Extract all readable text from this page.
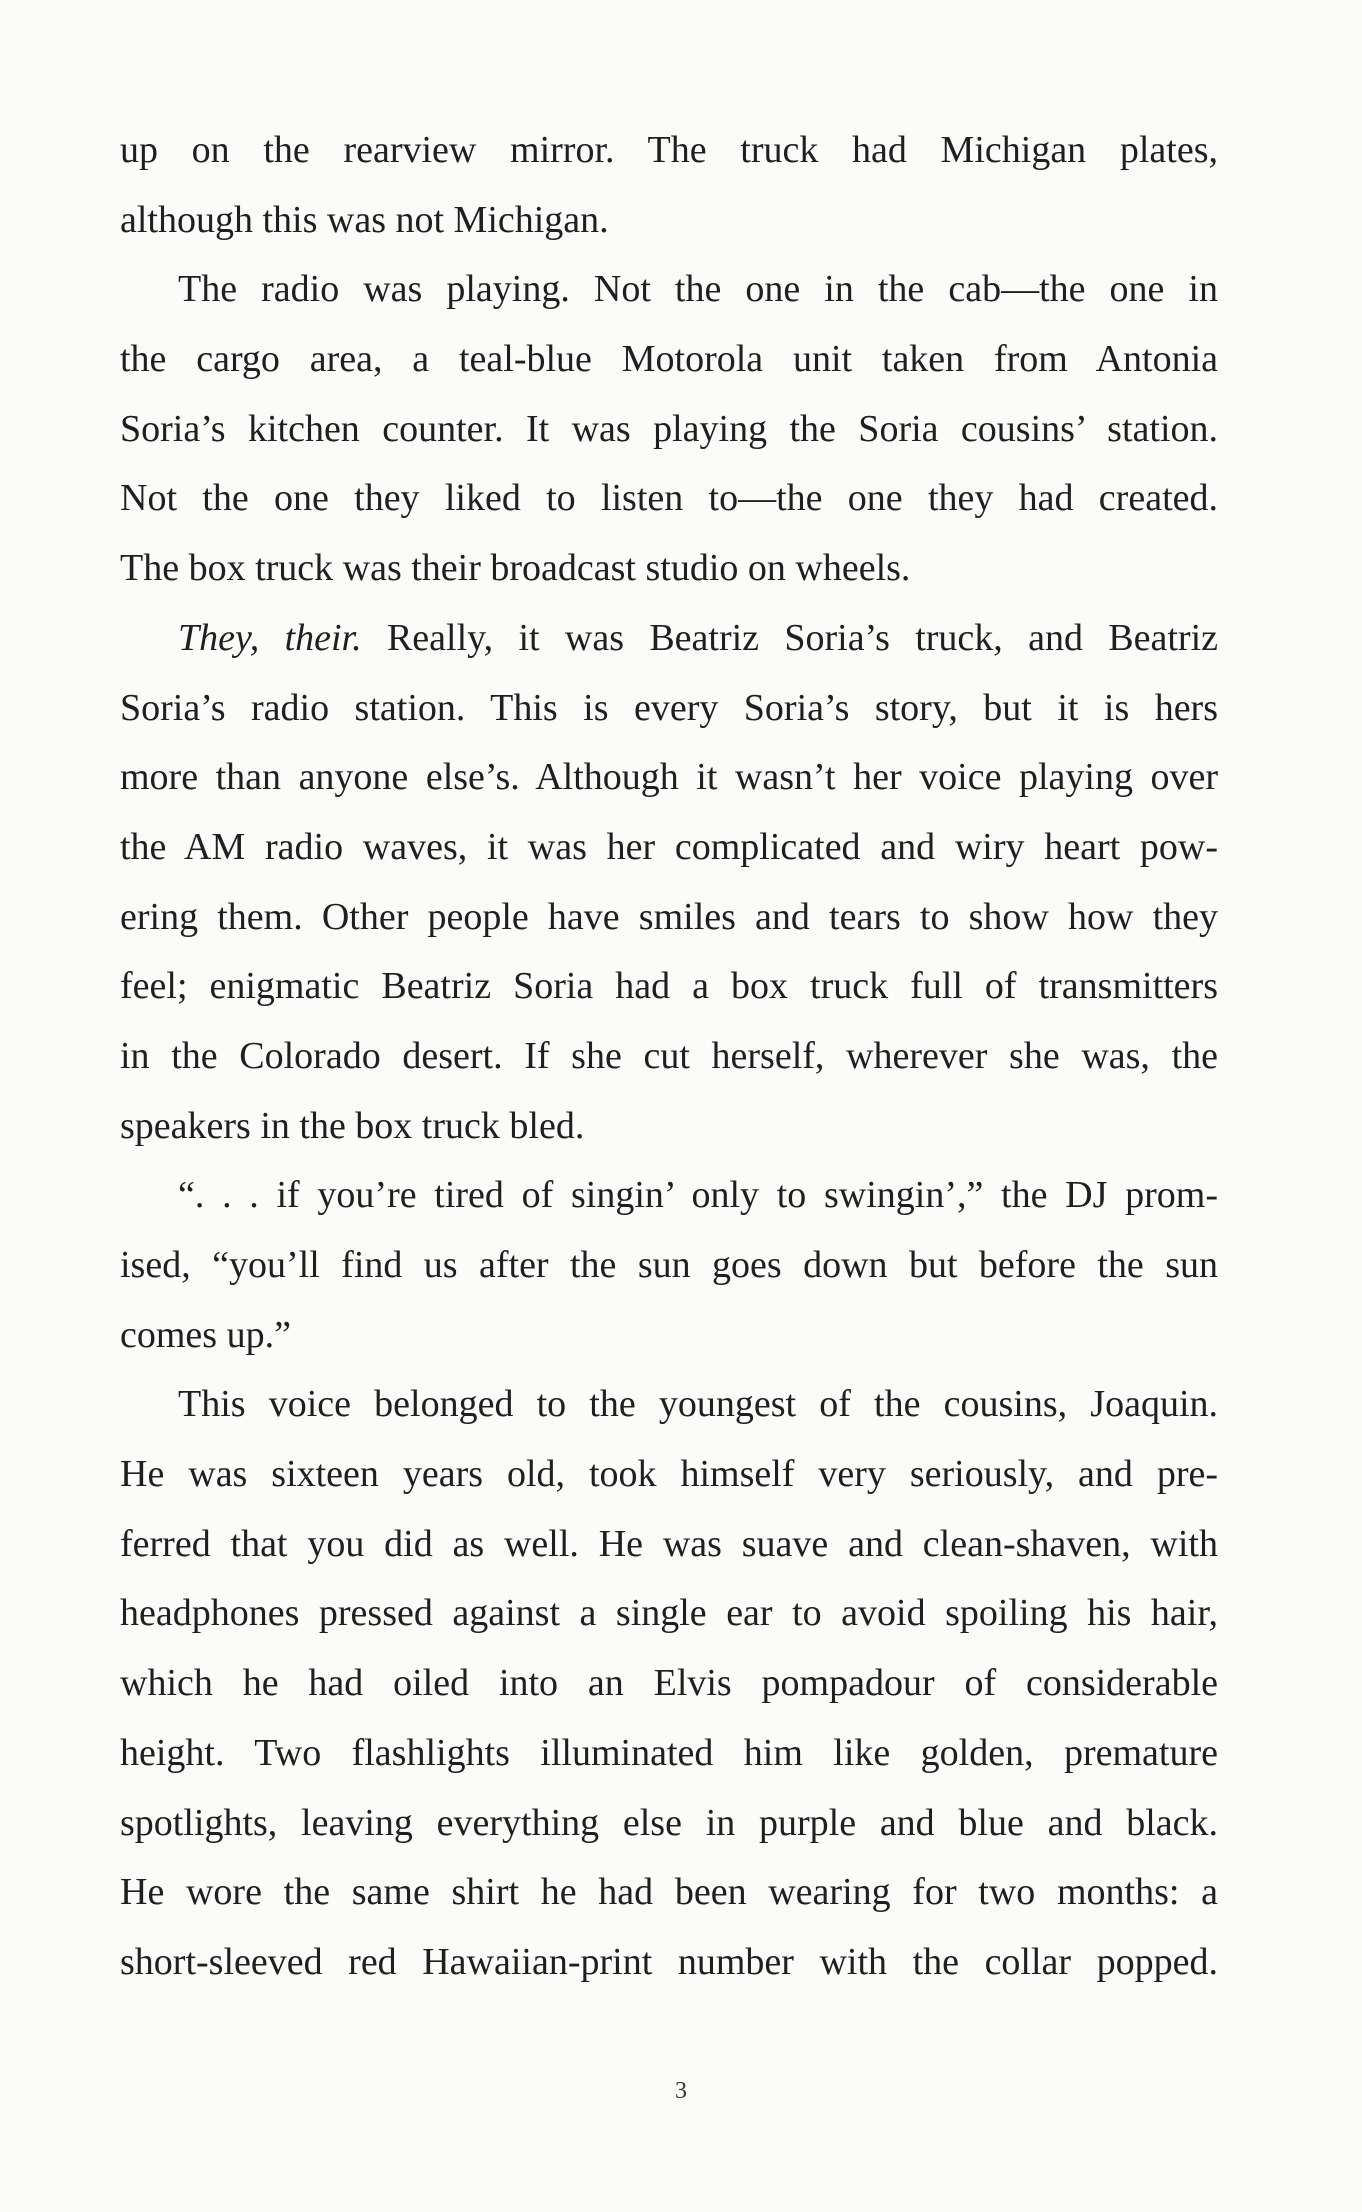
up on the rearview mirror. The truck had Michigan plates,
although this was not Michigan.
The radio was playing. Not the one in the cab—the one in
the cargo area, a teal-blue Motorola unit taken from Antonia
Soria’s kitchen counter. It was playing the Soria cousins’ station.
Not the one they liked to listen to—the one they had created.
The box truck was their broadcast studio on wheels.
They, their. Really, it was Beatriz Soria’s truck, and Beatriz
Soria’s radio station. This is every Soria’s story, but it is hers
more than anyone else’s. Although it wasn’t her voice playing over
the AM radio waves, it was her complicated and wiry heart pow-
ering them. Other people have smiles and tears to show how they
feel; enigmatic Beatriz Soria had a box truck full of transmitters
in the Colorado desert. If she cut herself, wherever she was, the
speakers in the box truck bled.
“. . . if you’re tired of singin’ only to swingin’,” the DJ prom-
ised, “you’ll find us after the sun goes down but before the sun
comes up.”
This voice belonged to the youngest of the cousins, Joaquin.
He was sixteen years old, took himself very seriously, and pre-
ferred that you did as well. He was suave and clean-shaven, with
headphones pressed against a single ear to avoid spoiling his hair,
which he had oiled into an Elvis pompadour of considerable
height. Two flashlights illuminated him like golden, premature
spotlights, leaving everything else in purple and blue and black.
He wore the same shirt he had been wearing for two months: a
short-sleeved red Hawaiian-print number with the collar popped.
3
